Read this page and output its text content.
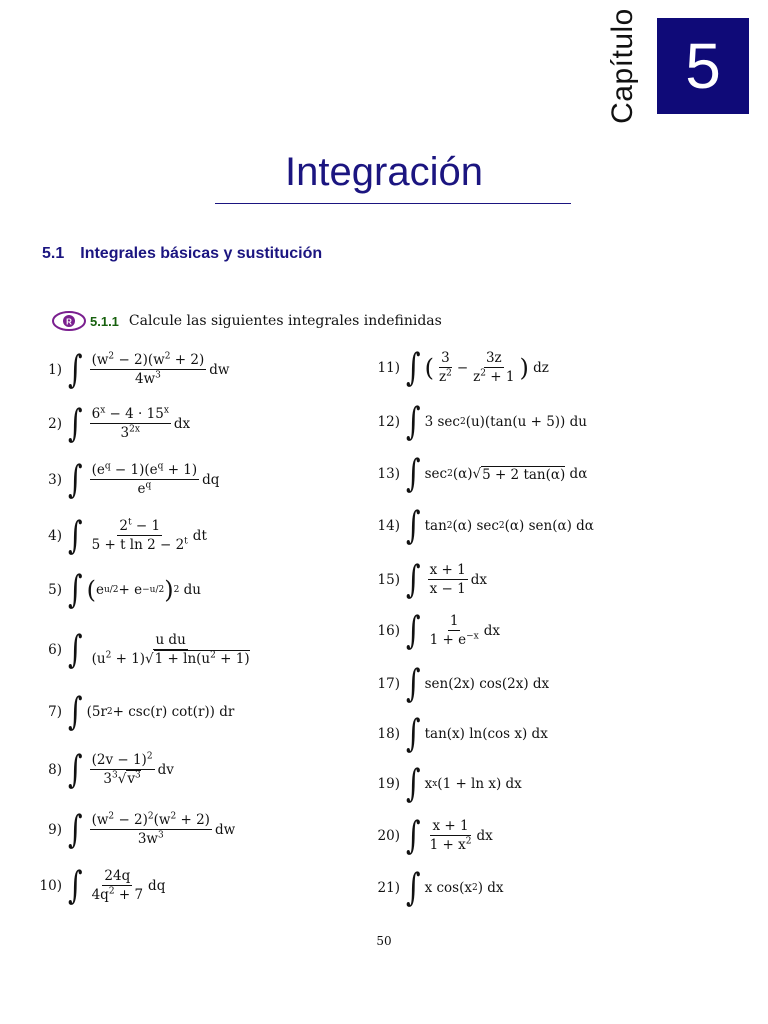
Capítulo 5
Integración
5.1 Integrales básicas y sustitución
R 5.1.1 Calcule las siguientes integrales indefinidas
1) ∫ $\frac{(w^2 - 2)(w^2 + 2)}{4w^3}$ dw
2) ∫ $\frac{6^x - 4 \cdot 15^x}{3^{2x}}$ dx
3) ∫ $\frac{(e^q - 1)(e^q + 1)}{e^q}$ dq
4) ∫ $\frac{2^t - 1}{5 + t \ln 2 - 2^t}$ dt
5) ∫ ( e u/2 + e −u/2 ) 2
du
6) ∫ $\frac{\text{u du}}{(u^2 + 1)√1 + \ln(u^2 + 1)}$
7) ∫ (5r 2 + csc(r) cot(r)) dr
8) ∫ $\frac{(2v - 1)^2}{3^3√v^3}$ dv
9) ∫ $\frac{(w^2 - 2)^2(w^2 + 2)}{3w^3}$ dw
10) ∫ $\frac{24q}{4q^2 + 7}$ dq
11) ∫ ( $\frac{3}{z^2} - \frac{3z}{z^2 + 1}$ )
dz
12) ∫ 3 sec 2 (u)(tan(u + 5)) du
13) ∫ sec 2 (α)√ 5 + 2 tan(α) dα
14) ∫ tan 2 (α) sec 2 (α) sen(α) dα
15) ∫ $\frac{x + 1}{x - 1}$ dx
16) ∫ $\frac{1}{1 + e^{-x}}$ dx
17) ∫ sen(2x) cos(2x) dx
18) ∫ tan(x) ln(cos x) dx
19) ∫ x x (1 + ln x) dx
20) ∫ $\frac{x + 1}{1 + x^2}$ dx
21) ∫ x cos(x 2 ) dx
50
